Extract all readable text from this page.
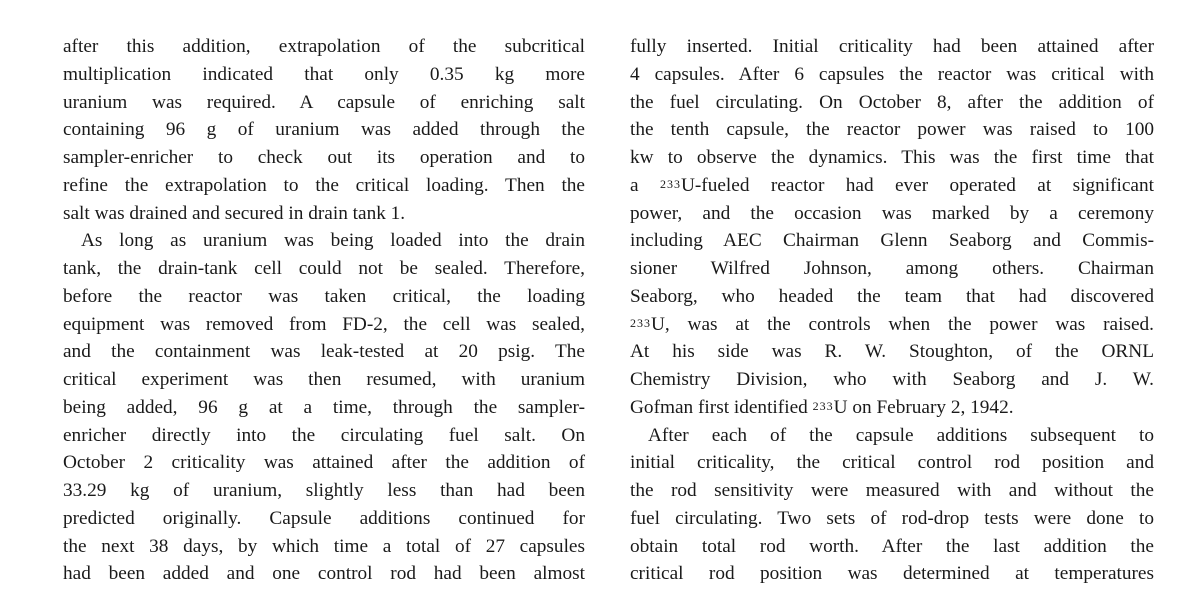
after this addition, extrapolation of the subcritical
multiplication indicated that only 0.35 kg more
uranium was required. A capsule of enriching salt
containing 96 g of uranium was added through the
sampler-enricher to check out its operation and to
refine the extrapolation to the critical loading. Then the
salt was drained and secured in drain tank 1.
As long as uranium was being loaded into the drain
tank, the drain-tank cell could not be sealed. Therefore,
before the reactor was taken critical, the loading
equipment was removed from FD-2, the cell was sealed,
and the containment was leak-tested at 20 psig. The
critical experiment was then resumed, with uranium
being added, 96 g at a time, through the sampler-
enricher directly into the circulating fuel salt. On
October 2 criticality was attained after the addition of
33.29 kg of uranium, slightly less than had been
predicted originally. Capsule additions continued for
the next 38 days, by which time a total of 27 capsules
had been added and one control rod had been almost
fully inserted. Initial criticality had been attained after
4 capsules. After 6 capsules the reactor was critical with
the fuel circulating. On October 8, after the addition of
the tenth capsule, the reactor power was raised to 100
kw to observe the dynamics. This was the first time that
a $^{233}$U-fueled reactor had ever operated at significant
power, and the occasion was marked by a ceremony
including AEC Chairman Glenn Seaborg and Commis-
sioner Wilfred Johnson, among others. Chairman
Seaborg, who headed the team that had discovered
$^{233}$U, was at the controls when the power was raised.
At his side was R. W. Stoughton, of the ORNL
Chemistry Division, who with Seaborg and J. W.
Gofman first identified $^{233}$U on February 2, 1942.
After each of the capsule additions subsequent to
initial criticality, the critical control rod position and
the rod sensitivity were measured with and without the
fuel circulating. Two sets of rod-drop tests were done to
obtain total rod worth. After the last addition the
critical rod position was determined at temperatures
